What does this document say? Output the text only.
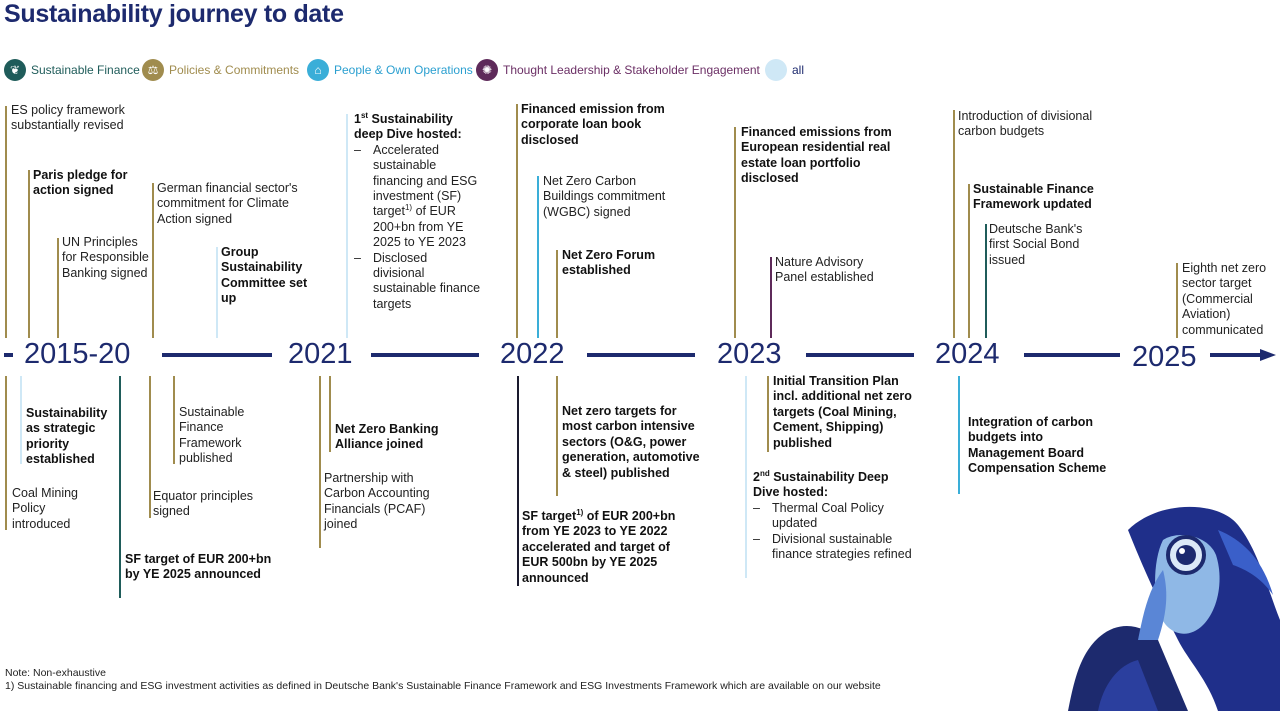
Sustainability journey to date
❦ Sustainable Finance ⚖ Policies & Commitments	⌂	People & Own Operations ✺ Thought Leadership & Stakeholder Engagement	all
2015-20	2021	2022	2023	2024	2025
ES policy framework substantially revised
Paris pledge for action signed
UN Principles for Responsible Banking signed
German financial sector's commitment for Climate Action signed
Group Sustainability Committee set up
1st Sustainability deep Dive hosted:
– Accelerated sustainable financing and ESG investment (SF) target$^{1)}$ of EUR 200+bn from YE 2025 to YE 2023
– Disclosed divisional sustainable finance targets
Financed emission from corporate loan book disclosed
Net Zero Carbon Buildings commitment (WGBC) signed
Net Zero Forum established
Financed emissions from European residential real estate loan portfolio disclosed
Nature Advisory Panel established
Introduction of divisional carbon budgets
Sustainable Finance Framework updated
Deutsche Bank's first Social Bond issued
Eighth net zero sector target (Commercial Aviation) communicated
Sustainability as strategic priority established
Coal Mining Policy introduced
SF target of EUR 200+bn by YE 2025 announced
Sustainable Finance Framework published
Equator principles signed
Net Zero Banking Alliance joined
Partnership with Carbon Accounting Financials (PCAF) joined
Net zero targets for most carbon intensive sectors (O&G, power generation, automotive & steel) published
SF target$^{1)}$ of EUR 200+bn from YE 2023 to YE 2022 accelerated and target of EUR 500bn by YE 2025 announced
Initial Transition Plan incl. additional net zero targets (Coal Mining, Cement, Shipping) published
2nd Sustainability Deep Dive hosted:
– Thermal Coal Policy updated
– Divisional sustainable finance strategies refined
Integration of carbon budgets into Management Board Compensation Scheme
Note: Non-exhaustive
1) Sustainable financing and ESG investment activities as defined in Deutsche Bank's Sustainable Finance Framework and ESG Investments Framework which are available on our website
